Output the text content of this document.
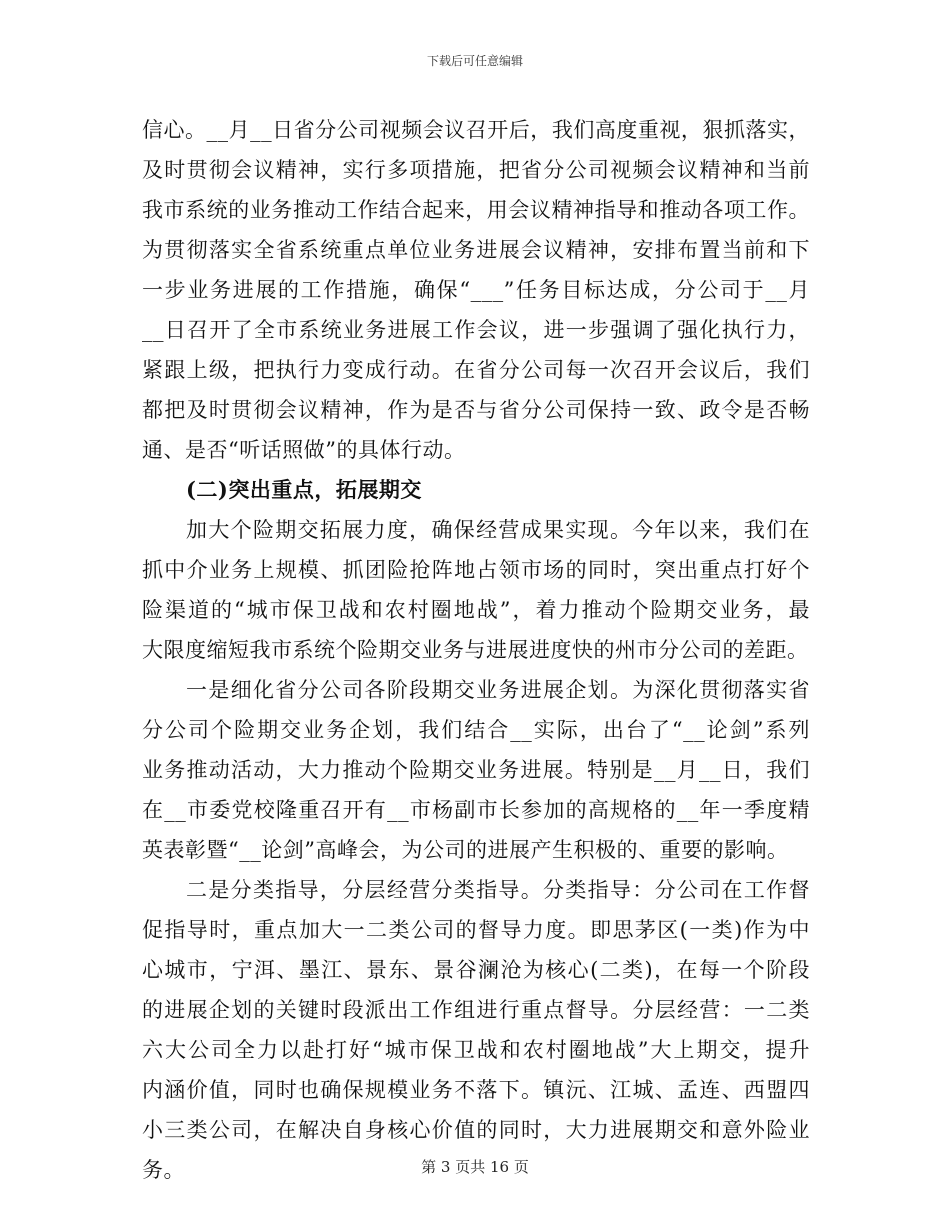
下载后可任意编辑
信心。__月__日省分公司视频会议召开后，我们高度重视，狠抓落实，
及时贯彻会议精神，实行多项措施，把省分公司视频会议精神和当前
我市系统的业务推动工作结合起来，用会议精神指导和推动各项工作。
为贯彻落实全省系统重点单位业务进展会议精神，安排布置当前和下
一步业务进展的工作措施，确保“___”任务目标达成，分公司于__月
__日召开了全市系统业务进展工作会议，进一步强调了强化执行力，
紧跟上级，把执行力变成行动。在省分公司每一次召开会议后，我们
都把及时贯彻会议精神，作为是否与省分公司保持一致、政令是否畅
通、是否“听话照做”的具体行动。
(二)突出重点，拓展期交
加大个险期交拓展力度，确保经营成果实现。今年以来，我们在
抓中介业务上规模、抓团险抢阵地占领市场的同时，突出重点打好个
险渠道的“城市保卫战和农村圈地战”，着力推动个险期交业务，最
大限度缩短我市系统个险期交业务与进展进度快的州市分公司的差距。
一是细化省分公司各阶段期交业务进展企划。为深化贯彻落实省
分公司个险期交业务企划，我们结合__实际，出台了“__论剑”系列
业务推动活动，大力推动个险期交业务进展。特别是__月__日，我们
在__市委党校隆重召开有__市杨副市长参加的高规格的__年一季度精
英表彰暨“__论剑”高峰会，为公司的进展产生积极的、重要的影响。
二是分类指导，分层经营分类指导。分类指导：分公司在工作督
促指导时，重点加大一二类公司的督导力度。即思茅区(一类)作为中
心城市，宁洱、墨江、景东、景谷澜沧为核心(二类)，在每一个阶段
的进展企划的关键时段派出工作组进行重点督导。分层经营：一二类
六大公司全力以赴打好“城市保卫战和农村圈地战”大上期交，提升
内涵价值，同时也确保规模业务不落下。镇沅、江城、孟连、西盟四
小三类公司，在解决自身核心价值的同时，大力进展期交和意外险业
务。	第 3 页共 16 页
